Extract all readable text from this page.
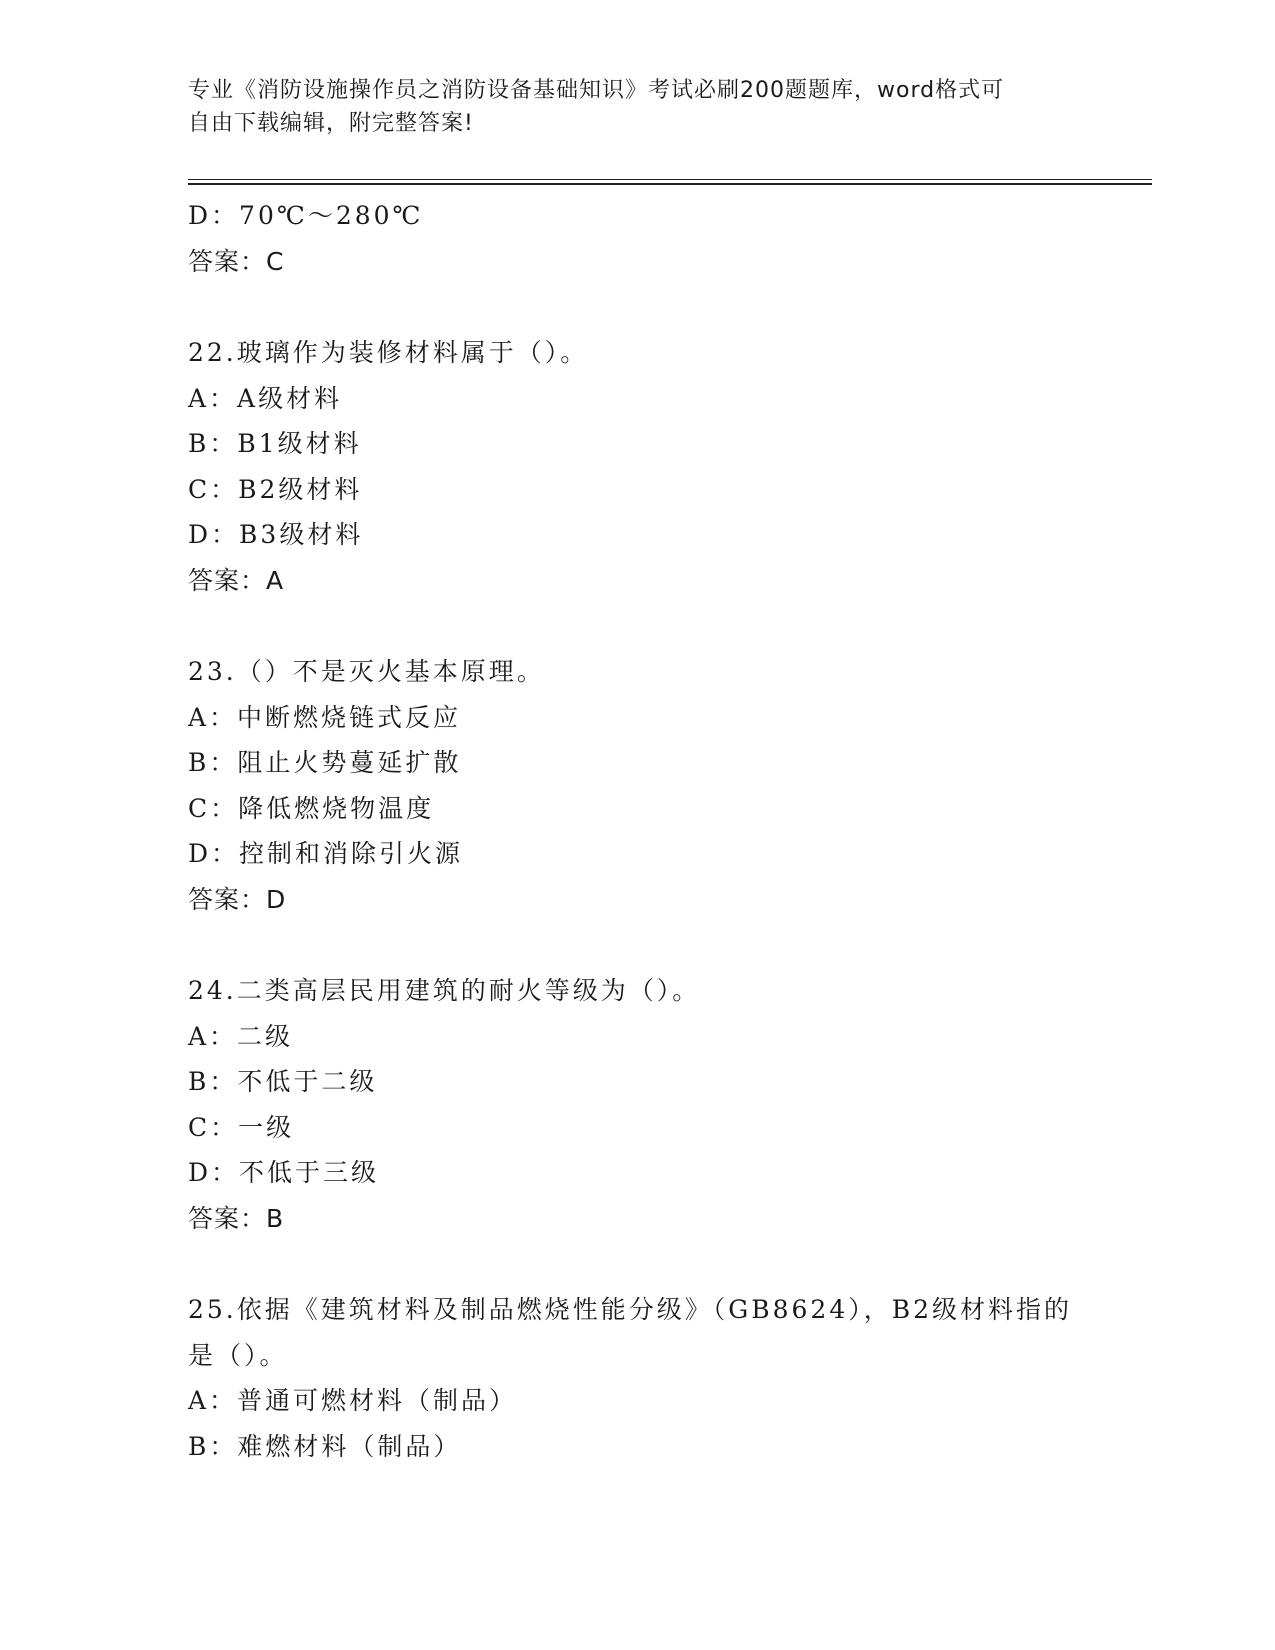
专业《消防设施操作员之消防设备基础知识》考试必刷200题题库，word格式可
自由下载编辑，附完整答案!
D：70℃～280℃
答案：C
22.玻璃作为装修材料属于（）。
A：A级材料
B：B1级材料
C：B2级材料
D：B3级材料
答案：A
23.（）不是灭火基本原理。
A：中断燃烧链式反应
B：阻止火势蔓延扩散
C：降低燃烧物温度
D：控制和消除引火源
答案：D
24.二类高层民用建筑的耐火等级为（）。
A：二级
B：不低于二级
C：一级
D：不低于三级
答案：B
25.依据《建筑材料及制品燃烧性能分级》（GB8624），B2级材料指的
是（）。
A：普通可燃材料（制品）
B：难燃材料（制品）
